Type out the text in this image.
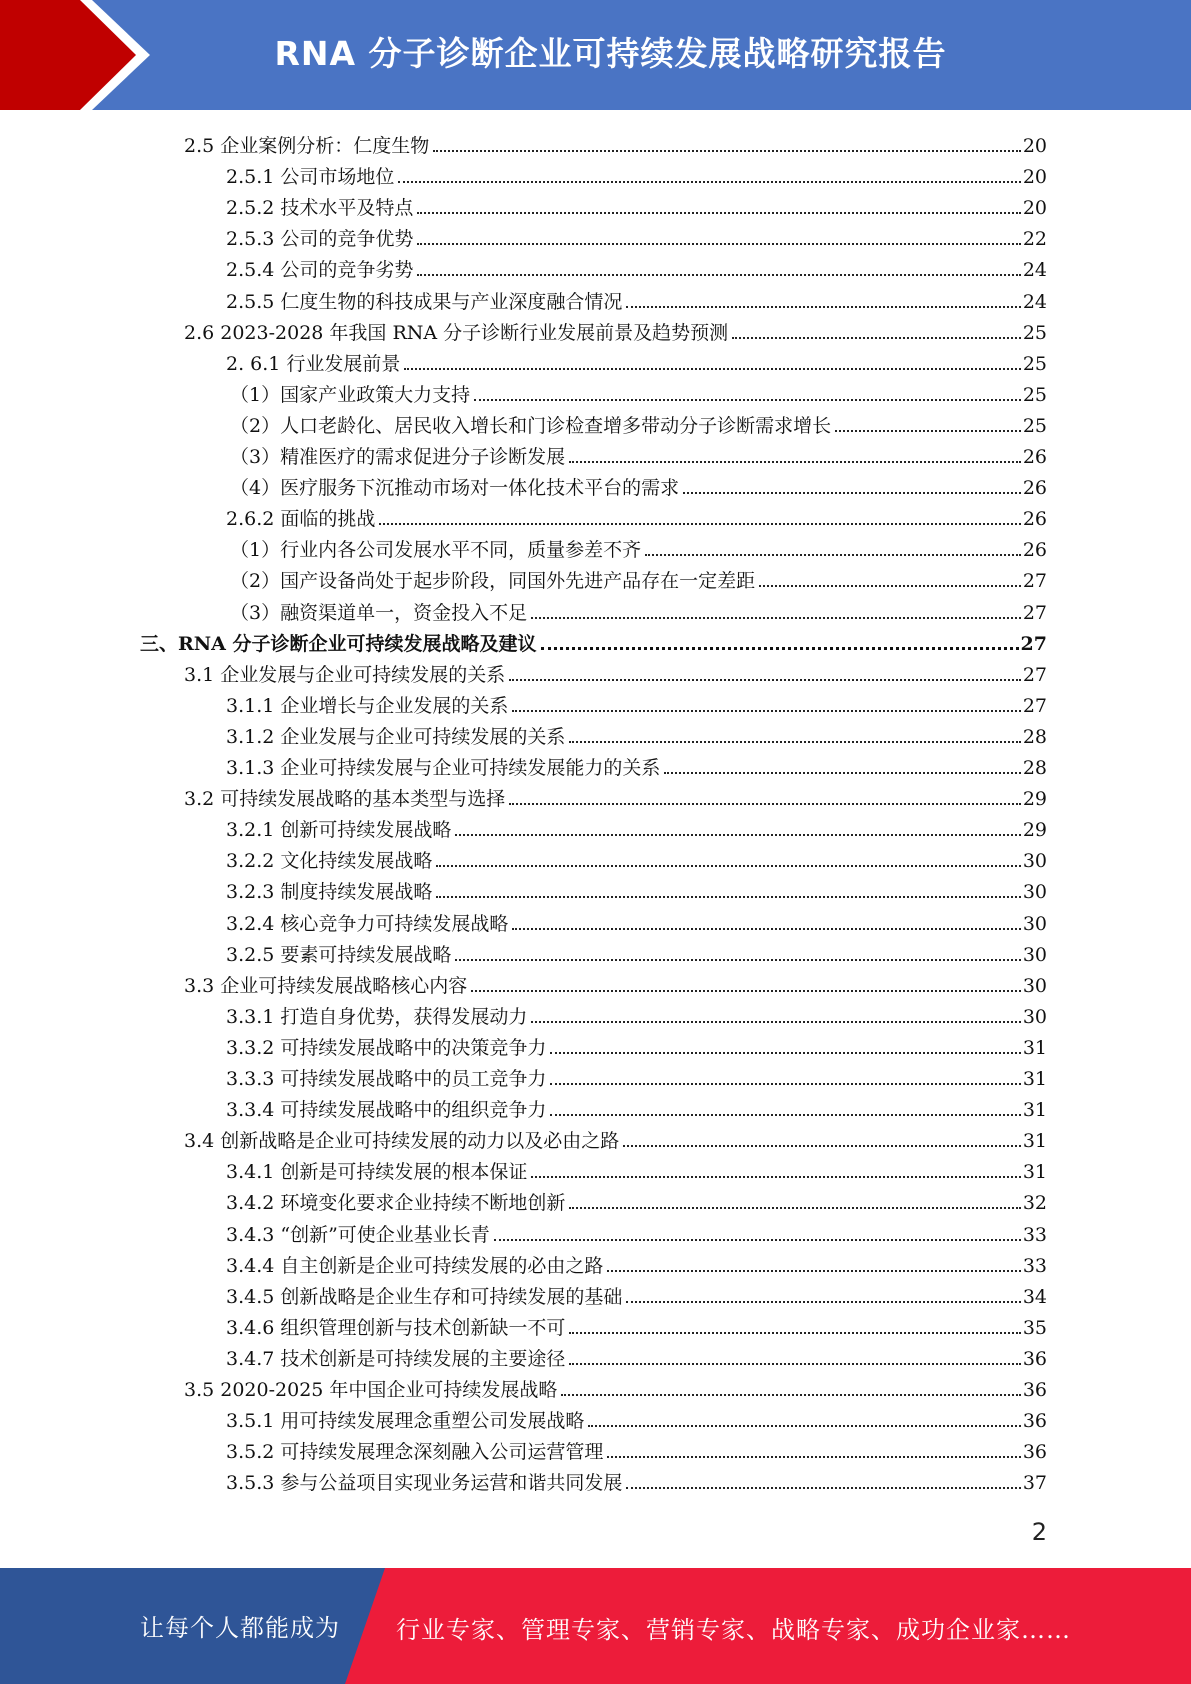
RNA 分子诊断企业可持续发展战略研究报告
2.5 企业案例分析：仁度生物	20
2.5.1 公司市场地位	20
2.5.2 技术水平及特点	20
2.5.3 公司的竞争优势	22
2.5.4 公司的竞争劣势	24
2.5.5 仁度生物的科技成果与产业深度融合情况	24
2.6 2023-2028 年我国 RNA 分子诊断行业发展前景及趋势预测	25
2. 6.1 行业发展前景	25
（1）国家产业政策大力支持	25
（2）人口老龄化、居民收入增长和门诊检查增多带动分子诊断需求增长	25
（3）精准医疗的需求促进分子诊断发展	26
（4）医疗服务下沉推动市场对一体化技术平台的需求	26
2.6.2 面临的挑战	26
（1）行业内各公司发展水平不同，质量参差不齐	26
（2）国产设备尚处于起步阶段，同国外先进产品存在一定差距	27
（3）融资渠道单一，资金投入不足	27
三、RNA 分子诊断企业可持续发展战略及建议	27
3.1 企业发展与企业可持续发展的关系	27
3.1.1 企业增长与企业发展的关系	27
3.1.2 企业发展与企业可持续发展的关系	28
3.1.3 企业可持续发展与企业可持续发展能力的关系	28
3.2 可持续发展战略的基本类型与选择	29
3.2.1 创新可持续发展战略	29
3.2.2 文化持续发展战略	30
3.2.3 制度持续发展战略	30
3.2.4 核心竞争力可持续发展战略	30
3.2.5 要素可持续发展战略	30
3.3 企业可持续发展战略核心内容	30
3.3.1 打造自身优势，获得发展动力	30
3.3.2 可持续发展战略中的决策竞争力	31
3.3.3 可持续发展战略中的员工竞争力	31
3.3.4 可持续发展战略中的组织竞争力	31
3.4 创新战略是企业可持续发展的动力以及必由之路	31
3.4.1 创新是可持续发展的根本保证	31
3.4.2 环境变化要求企业持续不断地创新	32
3.4.3 “创新”可使企业基业长青	33
3.4.4 自主创新是企业可持续发展的必由之路	33
3.4.5 创新战略是企业生存和可持续发展的基础	34
3.4.6 组织管理创新与技术创新缺一不可	35
3.4.7 技术创新是可持续发展的主要途径	36
3.5 2020-2025 年中国企业可持续发展战略	36
3.5.1 用可持续发展理念重塑公司发展战略	36
3.5.2 可持续发展理念深刻融入公司运营管理	36
3.5.3 参与公益项目实现业务运营和谐共同发展	37
2
让每个人都能成为 行业专家、管理专家、营销专家、战略专家、成功企业家……
